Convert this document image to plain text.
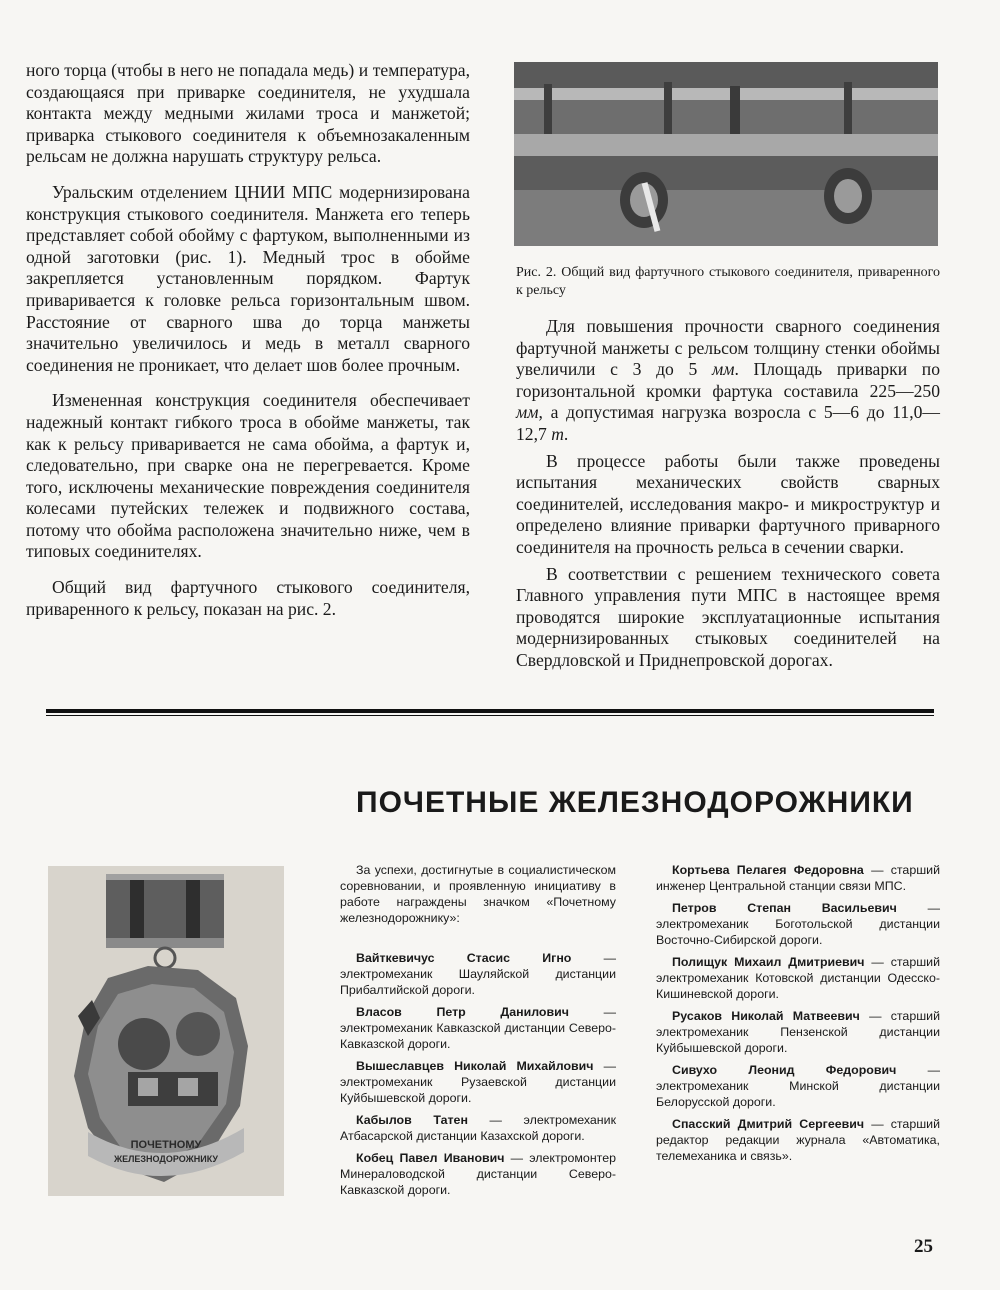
ного торца (чтобы в него не попадала медь) и температура, создающаяся при приварке соединителя, не ухудшала контакта между медными жилами троса и манжетой; приварка стыкового соединителя к объемнозакаленным рельсам не должна нарушать структуру рельса.

Уральским отделением ЦНИИ МПС модернизирована конструкция стыкового соединителя. Манжета его теперь представляет собой обойму с фартуком, выполненными из одной заготовки (рис. 1). Медный трос в обойме закрепляется установленным порядком. Фартук приваривается к головке рельса горизонтальным швом. Расстояние от сварного шва до торца манжеты значительно увеличилось и медь в металл сварного соединения не проникает, что делает шов более прочным.

Измененная конструкция соединителя обеспечивает надежный контакт гибкого троса в обойме манжеты, так как к рельсу приваривается не сама обойма, а фартук и, следовательно, при сварке она не перегревается. Кроме того, исключены механические повреждения соединителя колесами путейских тележек и подвижного состава, потому что обойма расположена значительно ниже, чем в типовых соединителях.

Общий вид фартучного стыкового соединителя, приваренного к рельсу, показан на рис. 2.

Рис. 2. Общий вид фартучного стыкового соединителя, приваренного к рельсу

Для повышения прочности сварного соединения фартучной манжеты с рельсом толщину стенки обоймы увеличили с 3 до 5 мм. Площадь приварки по горизонтальной кромки фартука составила 225—250 мм, а допустимая нагрузка возросла с 5—6 до 11,0—12,7 т.

В процессе работы были также проведены испытания механических свойств сварных соединителей, исследования макро- и микроструктур и определено влияние приварки фартучного приварного соединителя на прочность рельса в сечении сварки.

В соответствии с решением технического совета Главного управления пути МПС в настоящее время проводятся широкие эксплуатационные испытания модернизированных стыковых соединителей на Свердловской и Приднепровской дорогах.

ПОЧЕТНЫЕ ЖЕЛЕЗНОДОРОЖНИКИ
ПОЧЕТНОМУ
ЖЕЛЕЗНОДОРОЖНИКУ

За успехи, достигнутые в социалистическом соревновании, и проявленную инициативу в работе награждены значком «Почетному железнодорожнику»:

Вайткевичус Стасис Игно — электромеханик Шауляйской дистанции Прибалтийской дороги.

Власов Петр Данилович — электромеханик Кавказской дистанции Северо-Кавказской дороги.

Вышеславцев Николай Михайлович — электромеханик Рузаевской дистанции Куйбышевской дороги.

Кабылов Татен — электромеханик Атбасарской дистанции Казахской дороги.

Кобец Павел Иванович — электромонтер Минераловодской дистанции Северо-Кавказской дороги.

Кортьева Пелагея Федоровна — старший инженер Центральной станции связи МПС.

Петров Степан Васильевич — электромеханик Боготольской дистанции Восточно-Сибирской дороги.

Полищук Михаил Дмитриевич — старший электромеханик Котовской дистанции Одесско-Кишиневской дороги.

Русаков Николай Матвеевич — старший электромеханик Пензенской дистанции Куйбышевской дороги.

Сивухо Леонид Федорович — электромеханик Минской дистанции Белорусской дороги.

Спасский Дмитрий Сергеевич — старший редактор редакции журнала «Автоматика, телемеханика и связь».

25
